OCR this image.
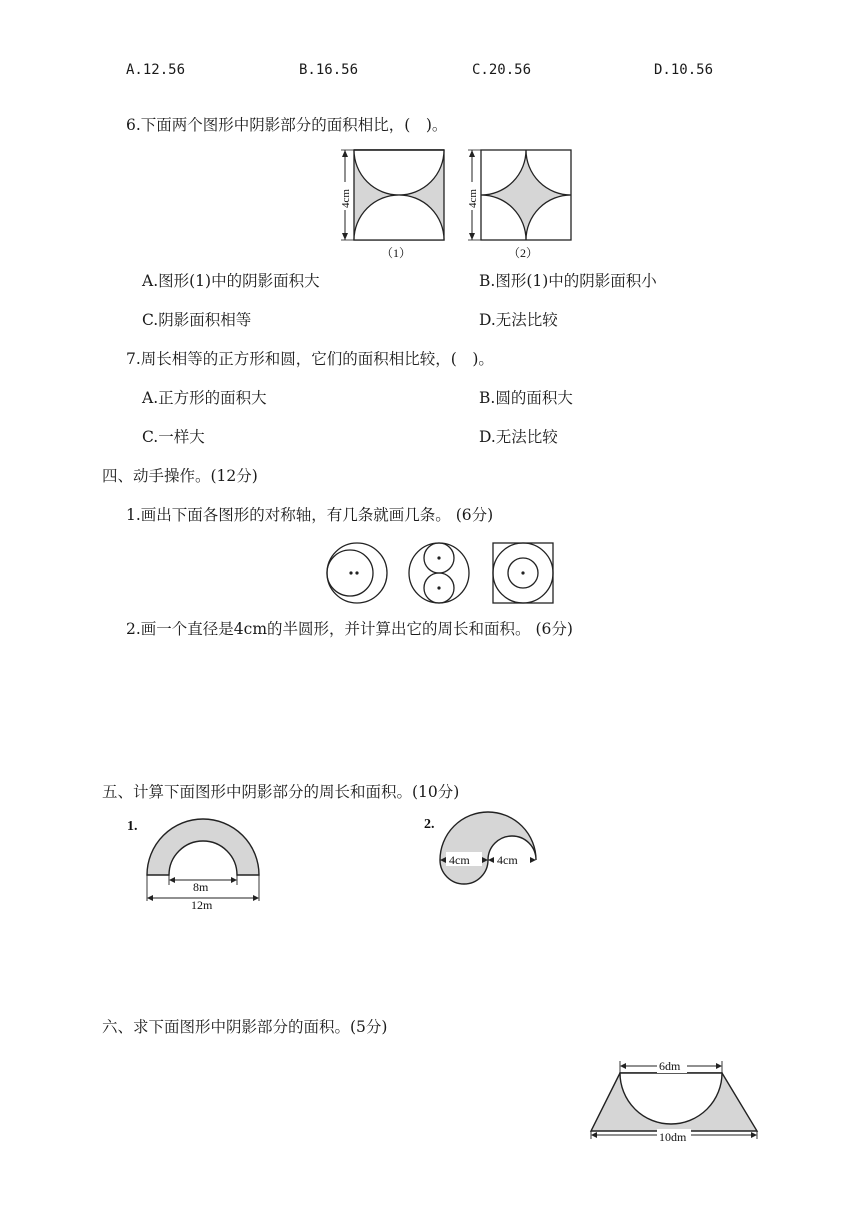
A.12.56	B.16.56	C.20.56	D.10.56
6.下面两个图形中阴影部分的面积相比，(　)。
4cm
（1）
4cm
（2）
A.图形(1)中的阴影面积大	B.图形(1)中的阴影面积小
C.阴影面积相等	D.无法比较
7.周长相等的正方形和圆，它们的面积相比较，(　)。
A.正方形的面积大	B.圆的面积大
C.一样大	D.无法比较
四、动手操作。(12分)
1.画出下面各图形的对称轴，有几条就画几条。 (6分)
2.画一个直径是4cm的半圆形，并计算出它的周长和面积。 (6分)
五、计算下面图形中阴影部分的周长和面积。(10分)
1.
8m
12m
2.
4cm 4cm
六、求下面图形中阴影部分的面积。(5分)
6dm
10dm
